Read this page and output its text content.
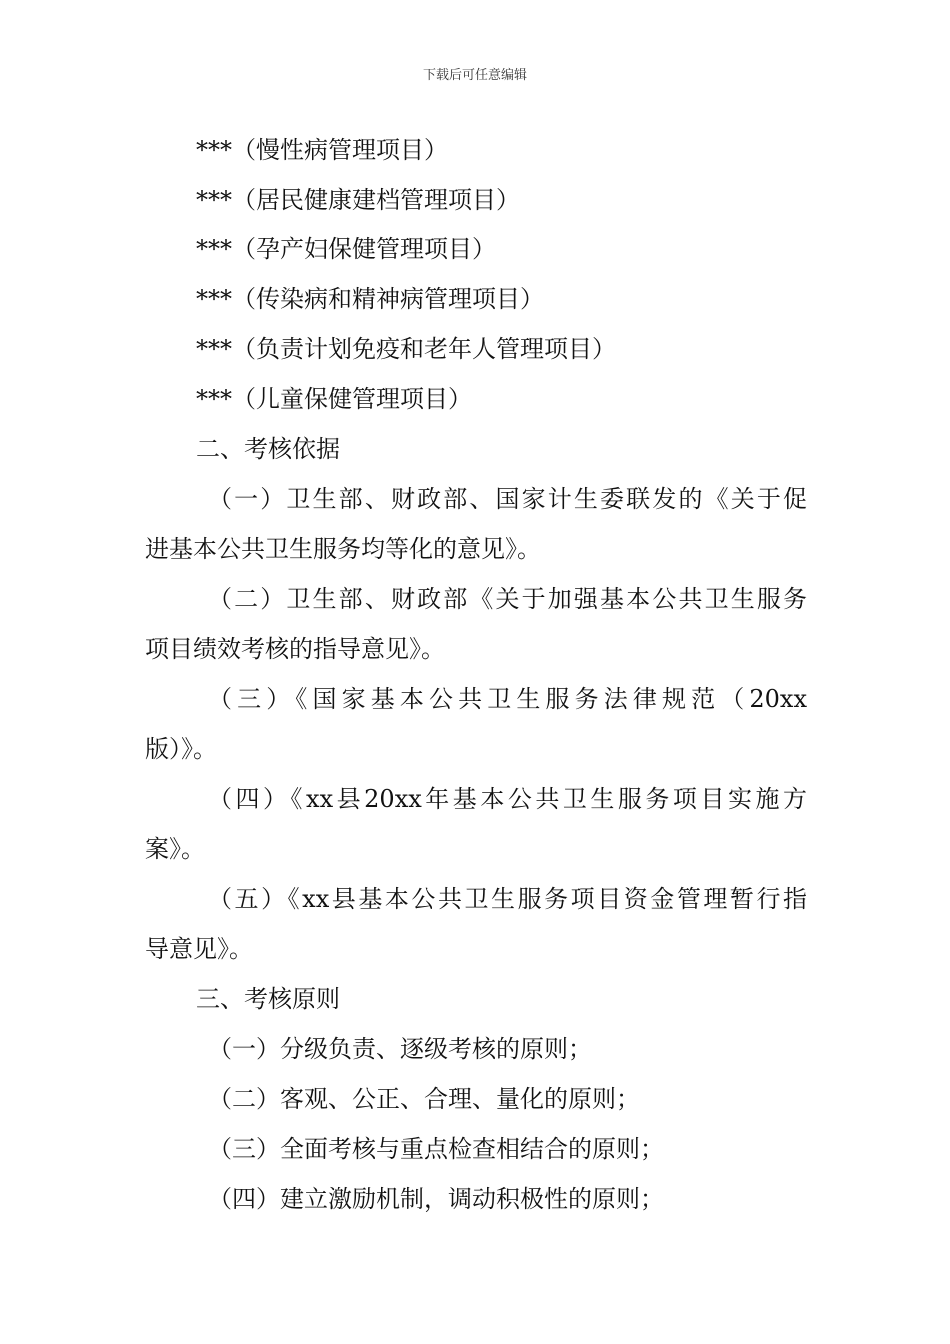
下载后可任意编辑
***（慢性病管理项目）
***（居民健康建档管理项目）
***（孕产妇保健管理项目）
***（传染病和精神病管理项目）
***（负责计划免疫和老年人管理项目）
***（儿童保健管理项目）
二、考核依据
（一）卫生部、财政部、国家计生委联发的《关于促
进基本公共卫生服务均等化的意见》。
（二）卫生部、财政部《关于加强基本公共卫生服务
项目绩效考核的指导意见》。
（三）《国家基本公共卫生服务法律规范（20xx
版）》。
（四）《xx县20xx年基本公共卫生服务项目实施方
案》。
（五）《xx县基本公共卫生服务项目资金管理暂行指
导意见》。
三、考核原则
（一）分级负责、逐级考核的原则；
（二）客观、公正、合理、量化的原则；
（三）全面考核与重点检查相结合的原则；
（四）建立激励机制，调动积极性的原则；
